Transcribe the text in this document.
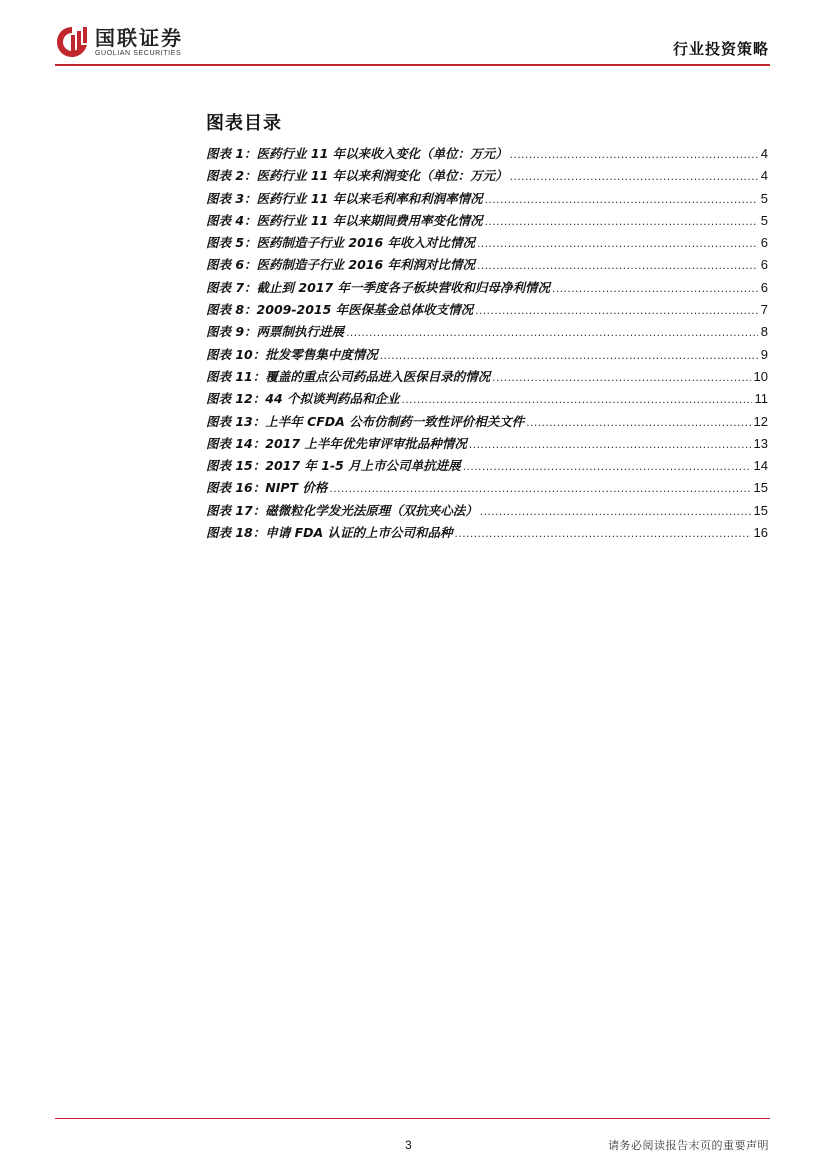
国联证券
GUOLIAN SECURITIES	行业投资策略
图表目录
图表 1：医药行业 11 年以来收入变化（单位：万元） .....	4
图表 2：医药行业 11 年以来利润变化（单位：万元） .....	4
图表 3：医药行业 11 年以来毛利率和利润率情况 .....	5
图表 4：医药行业 11 年以来期间费用率变化情况 .....	5
图表 5：医药制造子行业 2016 年收入对比情况 .....	6
图表 6：医药制造子行业 2016 年利润对比情况 .....	6
图表 7：截止到 2017 年一季度各子板块营收和归母净利情况 .....	6
图表 8：2009-2015 年医保基金总体收支情况 .....	7
图表 9：两票制执行进展 .....	8
图表 10：批发零售集中度情况 .....	9
图表 11：覆盖的重点公司药品进入医保目录的情况 .....	10
图表 12：44 个拟谈判药品和企业 .....	11
图表 13：上半年 CFDA 公布仿制药一致性评价相关文件 .....	12
图表 14：2017 上半年优先审评审批品种情况 .....	13
图表 15：2017 年 1-5 月上市公司单抗进展 .....	14
图表 16：NIPT 价格 .....	15
图表 17：磁微粒化学发光法原理（双抗夹心法） .....	15
图表 18：申请 FDA 认证的上市公司和品种 .....	16
3	请务必阅读报告末页的重要声明
